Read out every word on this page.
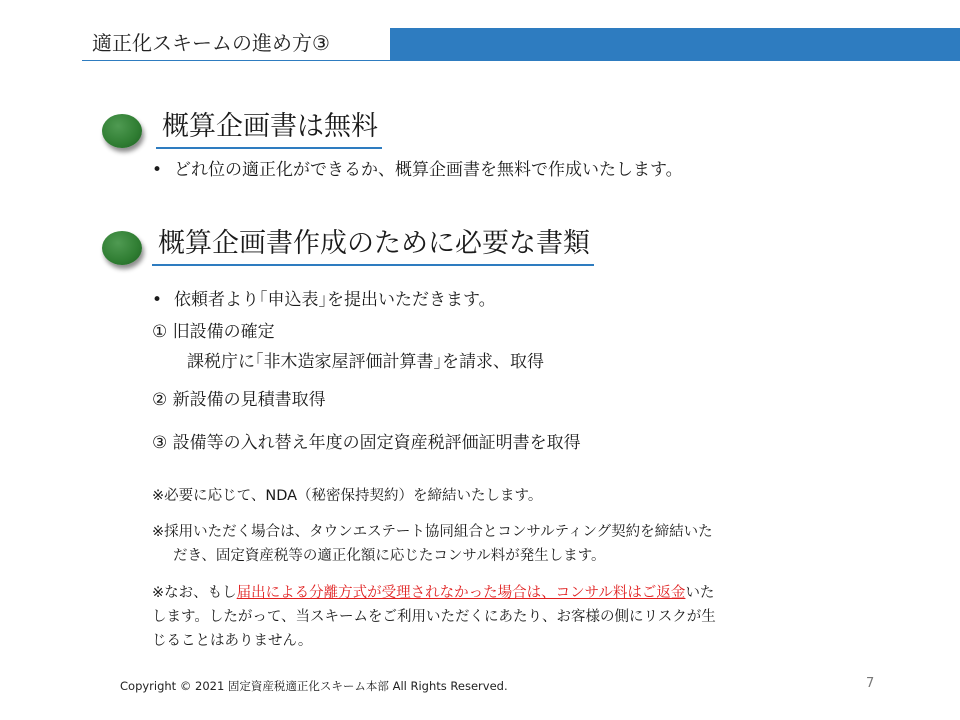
適正化スキームの進め方③
概算企画書は無料
• どれ位の適正化ができるか、概算企画書を無料で作成いたします。
概算企画書作成のために必要な書類
• 依頼者より｢申込表｣を提出いただきます。
① 旧設備の確定
課税庁に｢非木造家屋評価計算書｣を請求、取得
② 新設備の見積書取得
③ 設備等の入れ替え年度の固定資産税評価証明書を取得
※必要に応じて、NDA（秘密保持契約）を締結いたします。
※採用いただく場合は、タウンエステート協同組合とコンサルティング契約を締結いた
だき、固定資産税等の適正化額に応じたコンサル料が発生します。
※なお、もし届出による分離方式が受理されなかった場合は、コンサル料はご返金いた
します。したがって、当スキームをご利用いただくにあたり、お客様の側にリスクが生
じることはありません。
Copyright © 2021 固定資産税適正化スキーム本部 All Rights Reserved.	7
